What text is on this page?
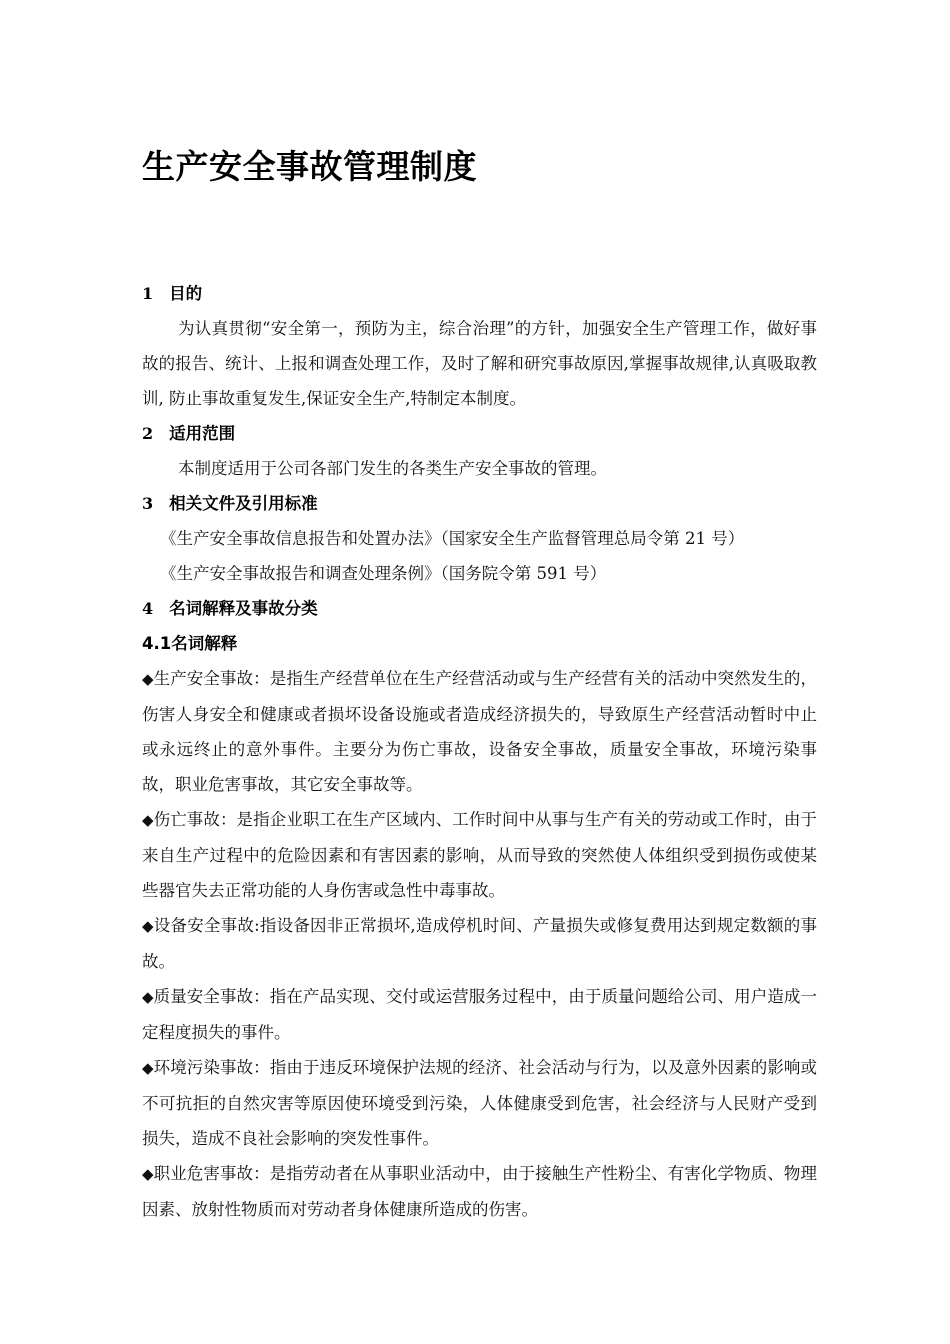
生产安全事故管理制度
1 目的

为认真贯彻“安全第一，预防为主，综合治理”的方针，加强安全生产管理工作，做好事故的报告、统计、上报和调查处理工作，及时了解和研究事故原因,掌握事故规律,认真吸取教训, 防止事故重复发生,保证安全生产,特制定本制度。

2 适用范围

本制度适用于公司各部门发生的各类生产安全事故的管理。

3 相关文件及引用标准

《生产安全事故信息报告和处置办法》（国家安全生产监督管理总局令第 21 号）

《生产安全事故报告和调查处理条例》（国务院令第 591 号）

4 名词解释及事故分类
4.1名词解释

◆生产安全事故：是指生产经营单位在生产经营活动或与生产经营有关的活动中突然发生的，伤害人身安全和健康或者损坏设备设施或者造成经济损失的，导致原生产经营活动暂时中止或永远终止的意外事件。主要分为伤亡事故，设备安全事故，质量安全事故，环境污染事故，职业危害事故，其它安全事故等。

◆伤亡事故：是指企业职工在生产区域内、工作时间中从事与生产有关的劳动或工作时，由于来自生产过程中的危险因素和有害因素的影响，从而导致的突然使人体组织受到损伤或使某些器官失去正常功能的人身伤害或急性中毒事故。

◆设备安全事故:指设备因非正常损坏,造成停机时间、产量损失或修复费用达到规定数额的事故。

◆质量安全事故：指在产品实现、交付或运营服务过程中，由于质量问题给公司、用户造成一定程度损失的事件。

◆环境污染事故：指由于违反环境保护法规的经济、社会活动与行为，以及意外因素的影响或不可抗拒的自然灾害等原因使环境受到污染，人体健康受到危害，社会经济与人民财产受到损失，造成不良社会影响的突发性事件。

◆职业危害事故：是指劳动者在从事职业活动中，由于接触生产性粉尘、有害化学物质、物理因素、放射性物质而对劳动者身体健康所造成的伤害。
